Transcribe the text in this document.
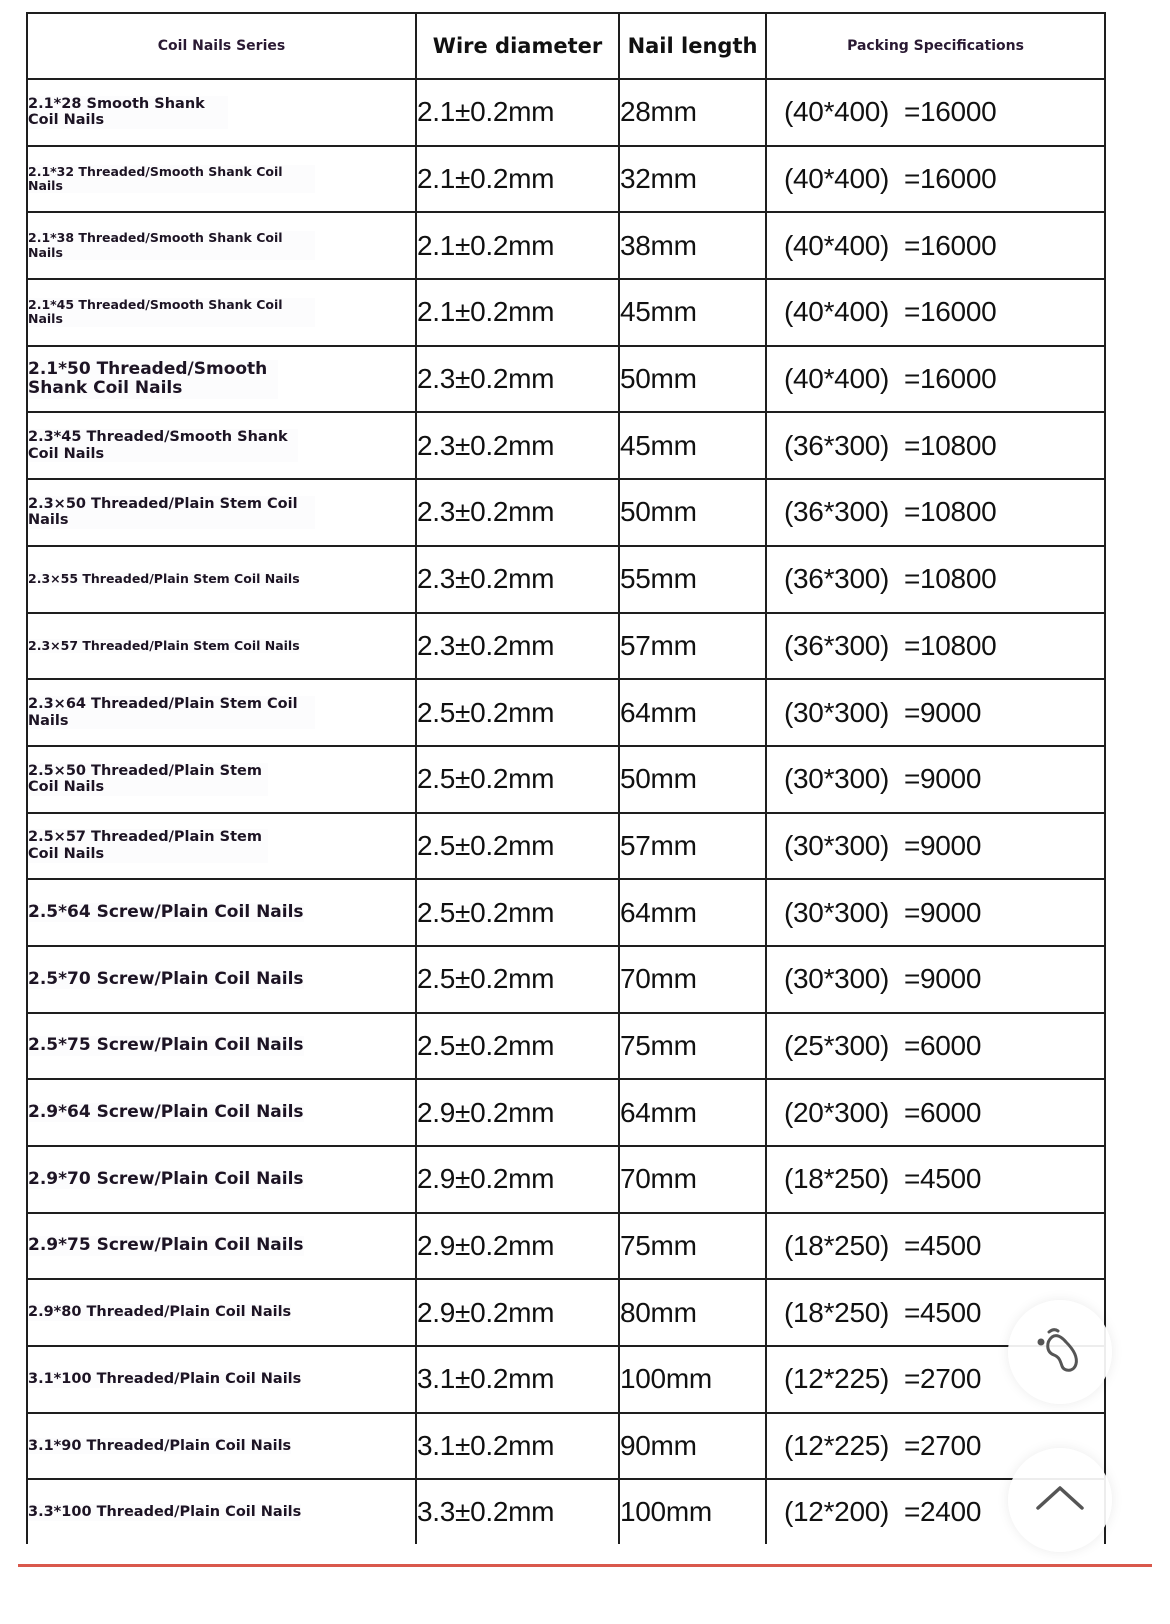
Coil Nails Series	Wire diameter	Nail length	Packing Specifications
2.1*28 Smooth Shank Coil Nails	2.1±0.2mm	28mm	(40*400)  =16000
2.1*32 Threaded/Smooth Shank Coil Nails	2.1±0.2mm	32mm	(40*400)  =16000
2.1*38 Threaded/Smooth Shank Coil Nails	2.1±0.2mm	38mm	(40*400)  =16000
2.1*45 Threaded/Smooth Shank Coil Nails	2.1±0.2mm	45mm	(40*400)  =16000
2.1*50 Threaded/Smooth Shank Coil Nails	2.3±0.2mm	50mm	(40*400)  =16000
2.3*45 Threaded/Smooth Shank Coil Nails	2.3±0.2mm	45mm	(36*300)  =10800
2.3×50 Threaded/Plain Stem Coil Nails	2.3±0.2mm	50mm	(36*300)  =10800
2.3×55 Threaded/Plain Stem Coil Nails	2.3±0.2mm	55mm	(36*300)  =10800
2.3×57 Threaded/Plain Stem Coil Nails	2.3±0.2mm	57mm	(36*300)  =10800
2.3×64 Threaded/Plain Stem Coil Nails	2.5±0.2mm	64mm	(30*300)  =9000
2.5×50 Threaded/Plain Stem Coil Nails	2.5±0.2mm	50mm	(30*300)  =9000
2.5×57 Threaded/Plain Stem Coil Nails	2.5±0.2mm	57mm	(30*300)  =9000
2.5*64 Screw/Plain Coil Nails	2.5±0.2mm	64mm	(30*300)  =9000
2.5*70 Screw/Plain Coil Nails	2.5±0.2mm	70mm	(30*300)  =9000
2.5*75 Screw/Plain Coil Nails	2.5±0.2mm	75mm	(25*300)  =6000
2.9*64 Screw/Plain Coil Nails	2.9±0.2mm	64mm	(20*300)  =6000
2.9*70 Screw/Plain Coil Nails	2.9±0.2mm	70mm	(18*250)  =4500
2.9*75 Screw/Plain Coil Nails	2.9±0.2mm	75mm	(18*250)  =4500
2.9*80 Threaded/Plain Coil Nails	2.9±0.2mm	80mm	(18*250)  =4500
3.1*100 Threaded/Plain Coil Nails	3.1±0.2mm	100mm	(12*225)  =2700
3.1*90 Threaded/Plain Coil Nails	3.1±0.2mm	90mm	(12*225)  =2700
3.3*100 Threaded/Plain Coil Nails	3.3±0.2mm	100mm	(12*200)  =2400
